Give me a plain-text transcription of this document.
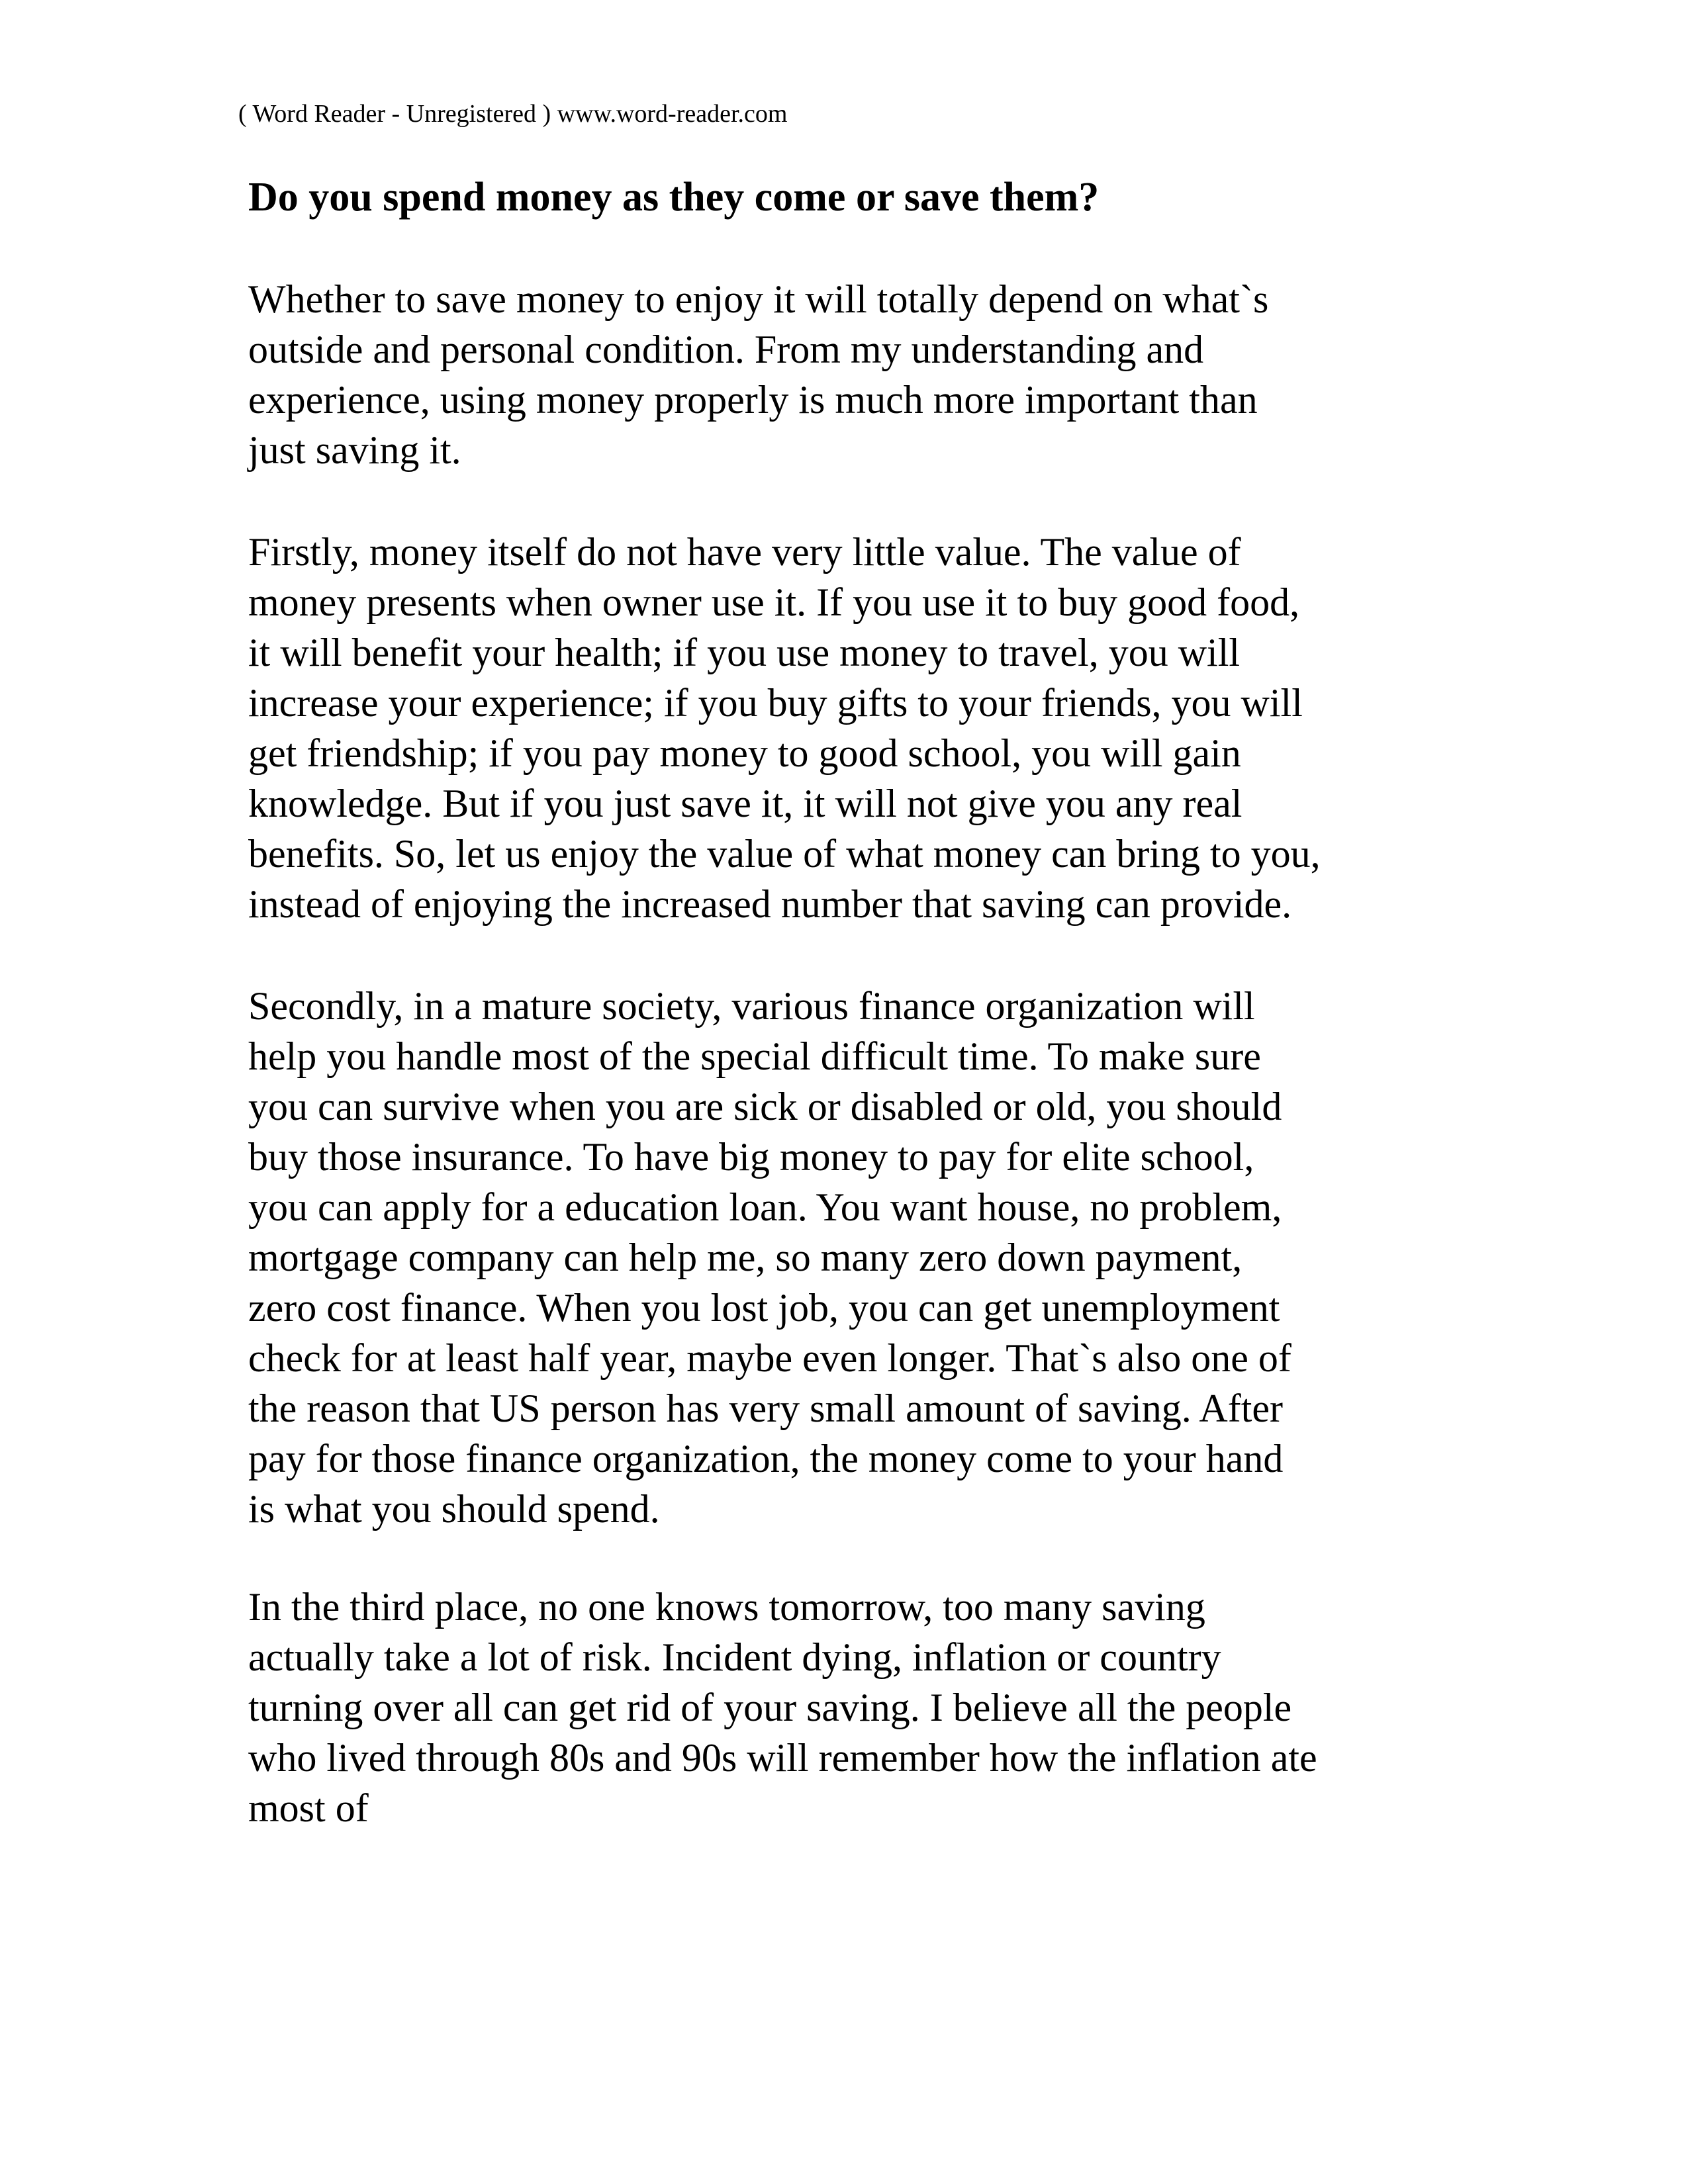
( Word Reader - Unregistered ) www.word-reader.com

Do you spend money as they come or save them?

Whether to save money to enjoy it will totally depend on what`s
outside and personal condition. From my understanding and
experience, using money properly is much more important than
just saving it.

Firstly, money itself do not have very little value. The value of
money presents when owner use it. If you use it to buy good food,
it will benefit your health; if you use money to travel, you will
increase your experience; if you buy gifts to your friends, you will
get friendship; if you pay money to good school, you will gain
knowledge. But if you just save it, it will not give you any real
benefits. So, let us enjoy the value of what money can bring to you,
instead of enjoying the increased number that saving can provide.

Secondly, in a mature society, various finance organization will
help you handle most of the special difficult time. To make sure
you can survive when you are sick or disabled or old, you should
buy those insurance. To have big money to pay for elite school,
you can apply for a education loan. You want house, no problem,
mortgage company can help me, so many zero down payment,
zero cost finance. When you lost job, you can get unemployment
check for at least half year, maybe even longer. That`s also one of
the reason that US person has very small amount of saving. After
pay for those finance organization, the money come to your hand
is what you should spend.

In the third place, no one knows tomorrow, too many saving
actually take a lot of risk. Incident dying, inflation or country
turning over all can get rid of your saving. I believe all the people
who lived through 80s and 90s will remember how the inflation ate
most of
